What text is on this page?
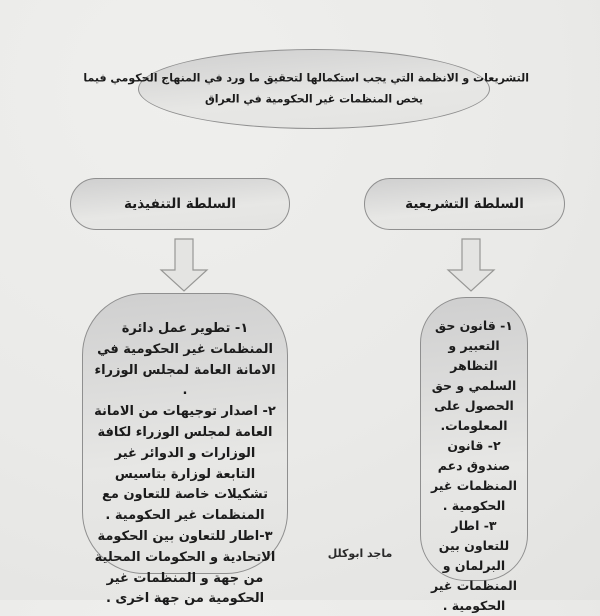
التشريعات و الانظمة التي يجب استكمالها لتحقيق ما ورد في المنهاج الحكومي فيما
يخص المنظمات غير الحكومية في العراق
السلطة التنفيذية	السلطة التشريعية

١- تطوير عمل دائرة المنظمات غير الحكومية في الامانة العامة لمجلس الوزراء .

٢- اصدار توجيهات من الامانة العامة لمجلس الوزراء لكافة الوزارات و الدوائر غير التابعة لوزارة بتاسيس تشكيلات خاصة للتعاون مع المنظمات غير الحكومية .

٣-اطار للتعاون بين الحكومة الاتحادية و الحكومات المحلية من جهة و المنظمات غير الحكومية من جهة اخرى .

١- قانون حق التعبير و التظاهر السلمي و حق الحصول على المعلومات.

٢- قانون صندوق دعم المنظمات غير الحكومية .

٣- اطار للتعاون بين البرلمان و المنظمات غير الحكومية .

ماجد ابوكلل
